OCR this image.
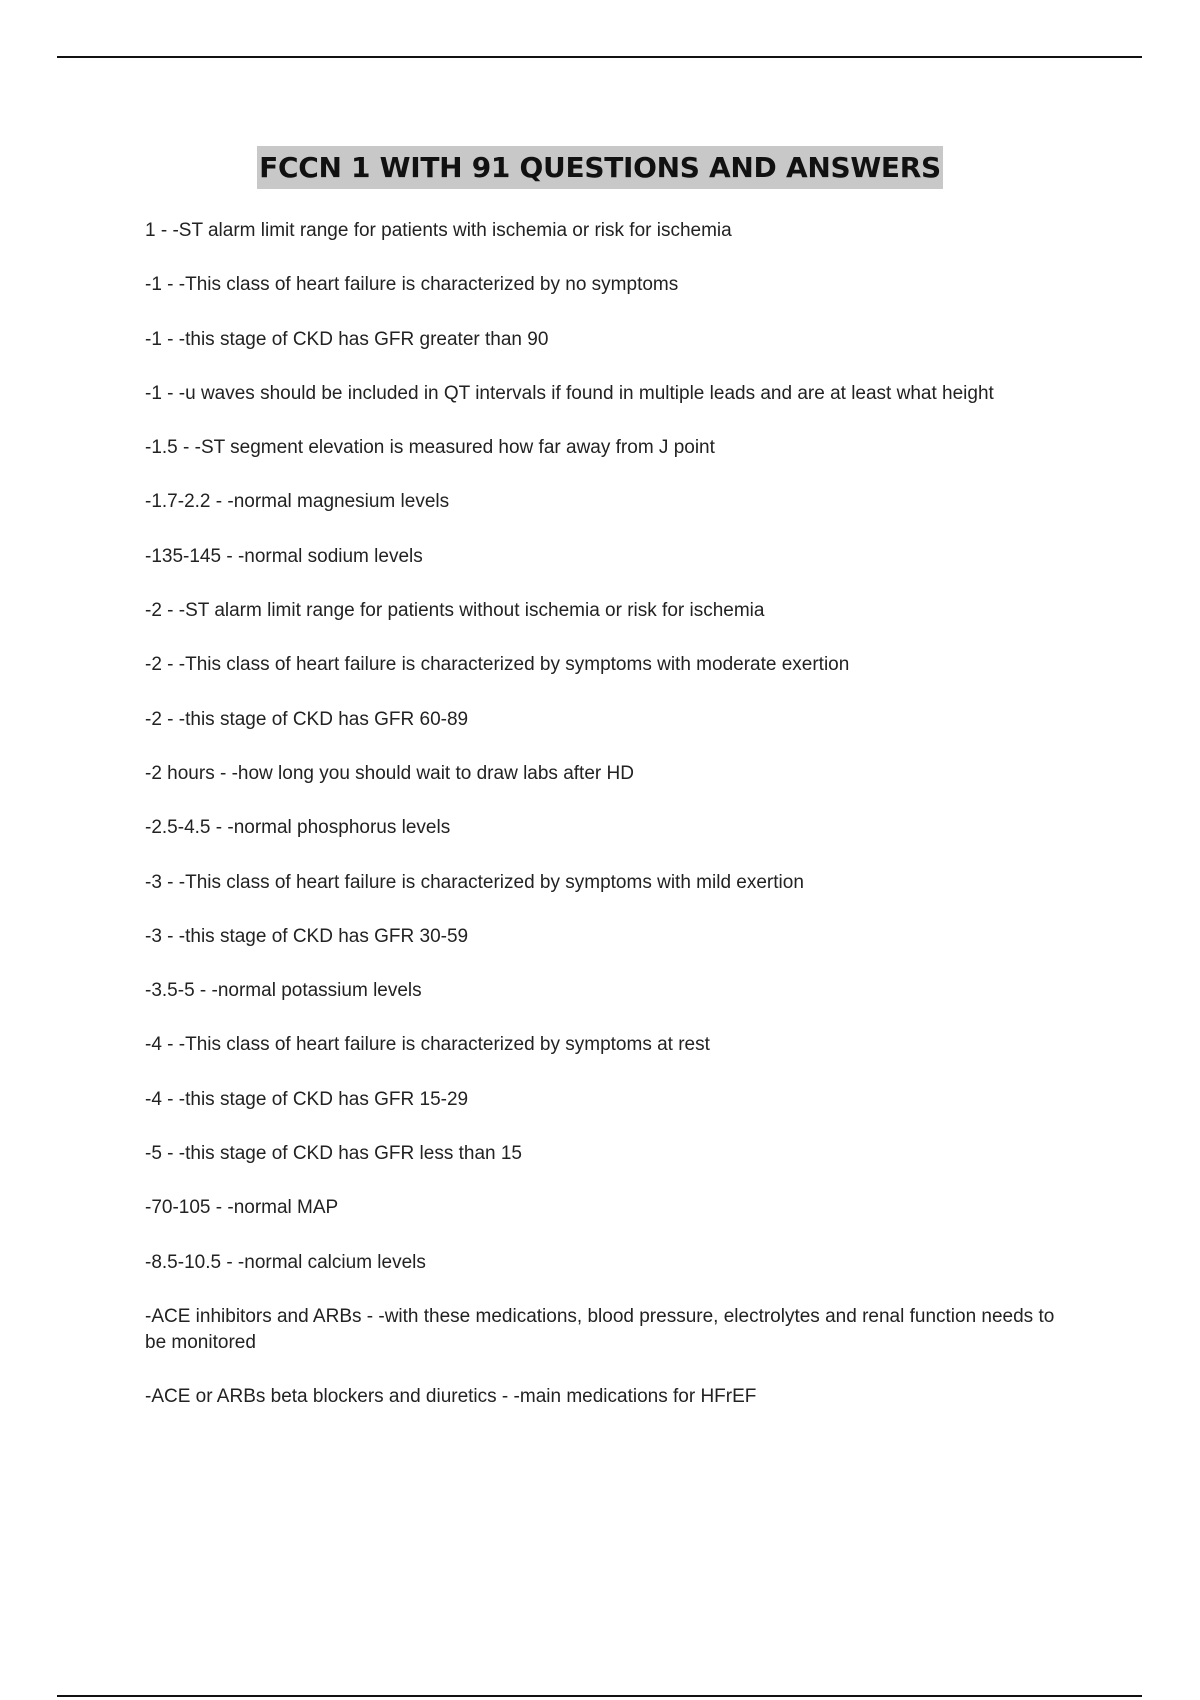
FCCN 1 WITH 91 QUESTIONS AND ANSWERS
1 - -ST alarm limit range for patients with ischemia or risk for ischemia
-1 - -This class of heart failure is characterized by no symptoms
-1 - -this stage of CKD has GFR greater than 90
-1 - -u waves should be included in QT intervals if found in multiple leads and are at least what height
-1.5 - -ST segment elevation is measured how far away from J point
-1.7-2.2 - -normal magnesium levels
-135-145 - -normal sodium levels
-2 - -ST alarm limit range for patients without ischemia or risk for ischemia
-2 - -This class of heart failure is characterized by symptoms with moderate exertion
-2 - -this stage of CKD has GFR 60-89
-2 hours - -how long you should wait to draw labs after HD
-2.5-4.5 - -normal phosphorus levels
-3 - -This class of heart failure is characterized by symptoms with mild exertion
-3 - -this stage of CKD has GFR 30-59
-3.5-5 - -normal potassium levels
-4 - -This class of heart failure is characterized by symptoms at rest
-4 - -this stage of CKD has GFR 15-29
-5 - -this stage of CKD has GFR less than 15
-70-105 - -normal MAP
-8.5-10.5 - -normal calcium levels
-ACE inhibitors and ARBs - -with these medications, blood pressure, electrolytes and renal function needs to be monitored
-ACE or ARBs beta blockers and diuretics - -main medications for HFrEF
